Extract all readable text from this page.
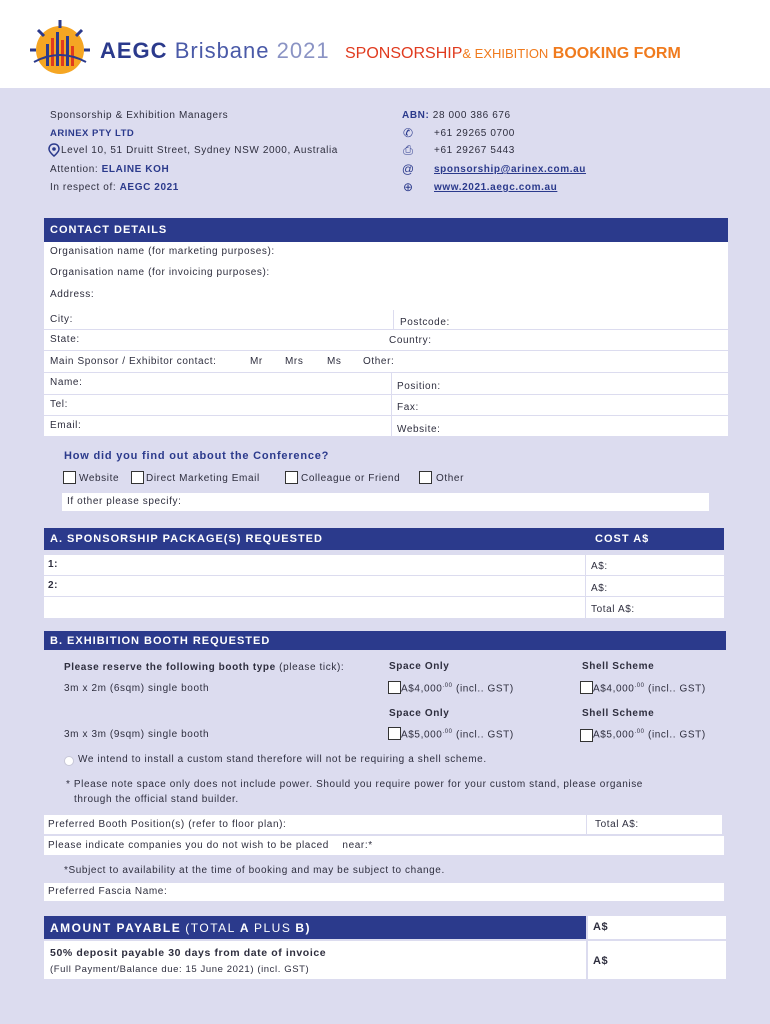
AEGC Brisbane 2021 SPONSORSHIP& EXHIBITION BOOKING FORM
Sponsorship & Exhibition Managers
ARINEX PTY LTD
Level 10, 51 Druitt Street, Sydney NSW 2000, Australia
Attention: ELAINE KOH
In respect of: AEGC 2021
ABN: 28 000 386 676
✆ +61 29265 0700
⎙ +61 29267 5443
@ sponsorship@arinex.com.au
⊕ www.2021.aegc.com.au
CONTACT DETAILS
Organisation name (for marketing purposes):
Organisation name (for invoicing purposes):
Address:
City:	Postcode:
State:	Country:
Main Sponsor / Exhibitor contact:	Mr Mrs Ms Other:
Name:	Position:
Tel:	Fax:
Email:	Website:
How did you find out about the Conference?
Website	Direct Marketing Email	Colleague or Friend	Other
If other please specify:
A. SPONSORSHIP PACKAGE(S) REQUESTED	COST A$
1:	A$:
2:	A$:
Total A$:
B. EXHIBITION BOOTH REQUESTED
Please reserve the following booth type (please tick):	Space Only	Shell Scheme
3m x 2m (6sqm) single booth	$A\$4,000^{.00}$ (incl.. GST)	$A\$4,000^{.00}$ (incl.. GST)
Space Only	Shell Scheme
3m x 3m (9sqm) single booth	$A\$5,000^{.00}$ (incl.. GST)	$A\$5,000^{.00}$ (incl.. GST)
We intend to install a custom stand therefore will not be requiring a shell scheme.
* Please note space only does not include power. Should you require power for your custom stand, please organise
through the official stand builder.
Preferred Booth Position(s) (refer to floor plan):	Total A$:
Please indicate companies you do not wish to be placed near:*
*Subject to availability at the time of booking and may be subject to change.
Preferred Fascia Name:
AMOUNT PAYABLE (TOTAL A PLUS B)	A$
50% deposit payable 30 days from date of invoice
(Full Payment/Balance due: 15 June 2021) (incl. GST)
A$
